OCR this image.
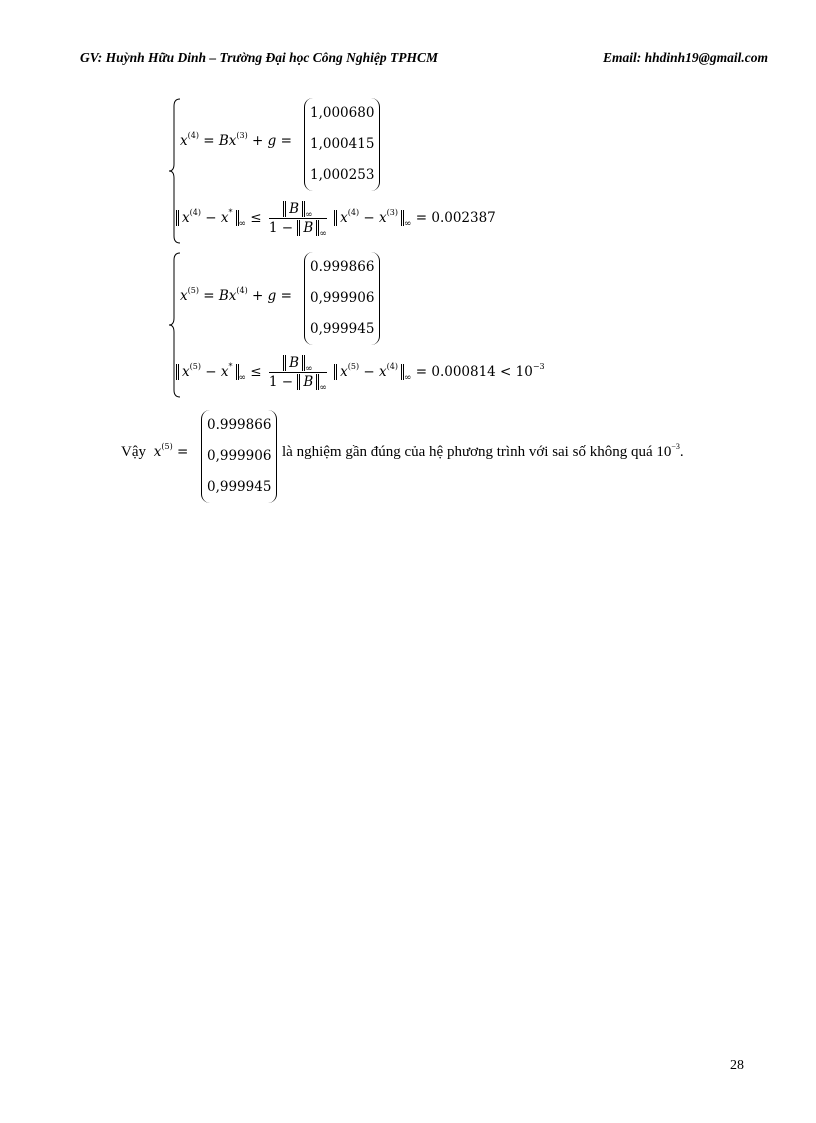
GV: Huỳnh Hữu Dinh – Trường Đại học Công Nghiệp TPHCM	Email: hhdinh19@gmail.com
$x^{(4)} = Bx^{(3)} + g$ =
1,000680
1,000415
1,000253
$x^{(4)} - x^*_\infty \le \frac{B _\infty}{1 - B _\infty} x^{(4)} - x^{(3)}_\infty = 0.002387$
$x^{(5)} = Bx^{(4)} + g$ =
0.999866
0,999906
0,999945
$x^{(5)} - x^*_\infty \le \frac{B _\infty}{1 - B _\infty} x^{(5)} - x^{(4)}_\infty = 0.000814 < 10^{-3}$
Vậy $x^{(5)}$ =
0.999866
0,999906
0,999945
là nghiệm gần đúng của hệ phương trình với sai số không quá $10^{-3}$.
28
